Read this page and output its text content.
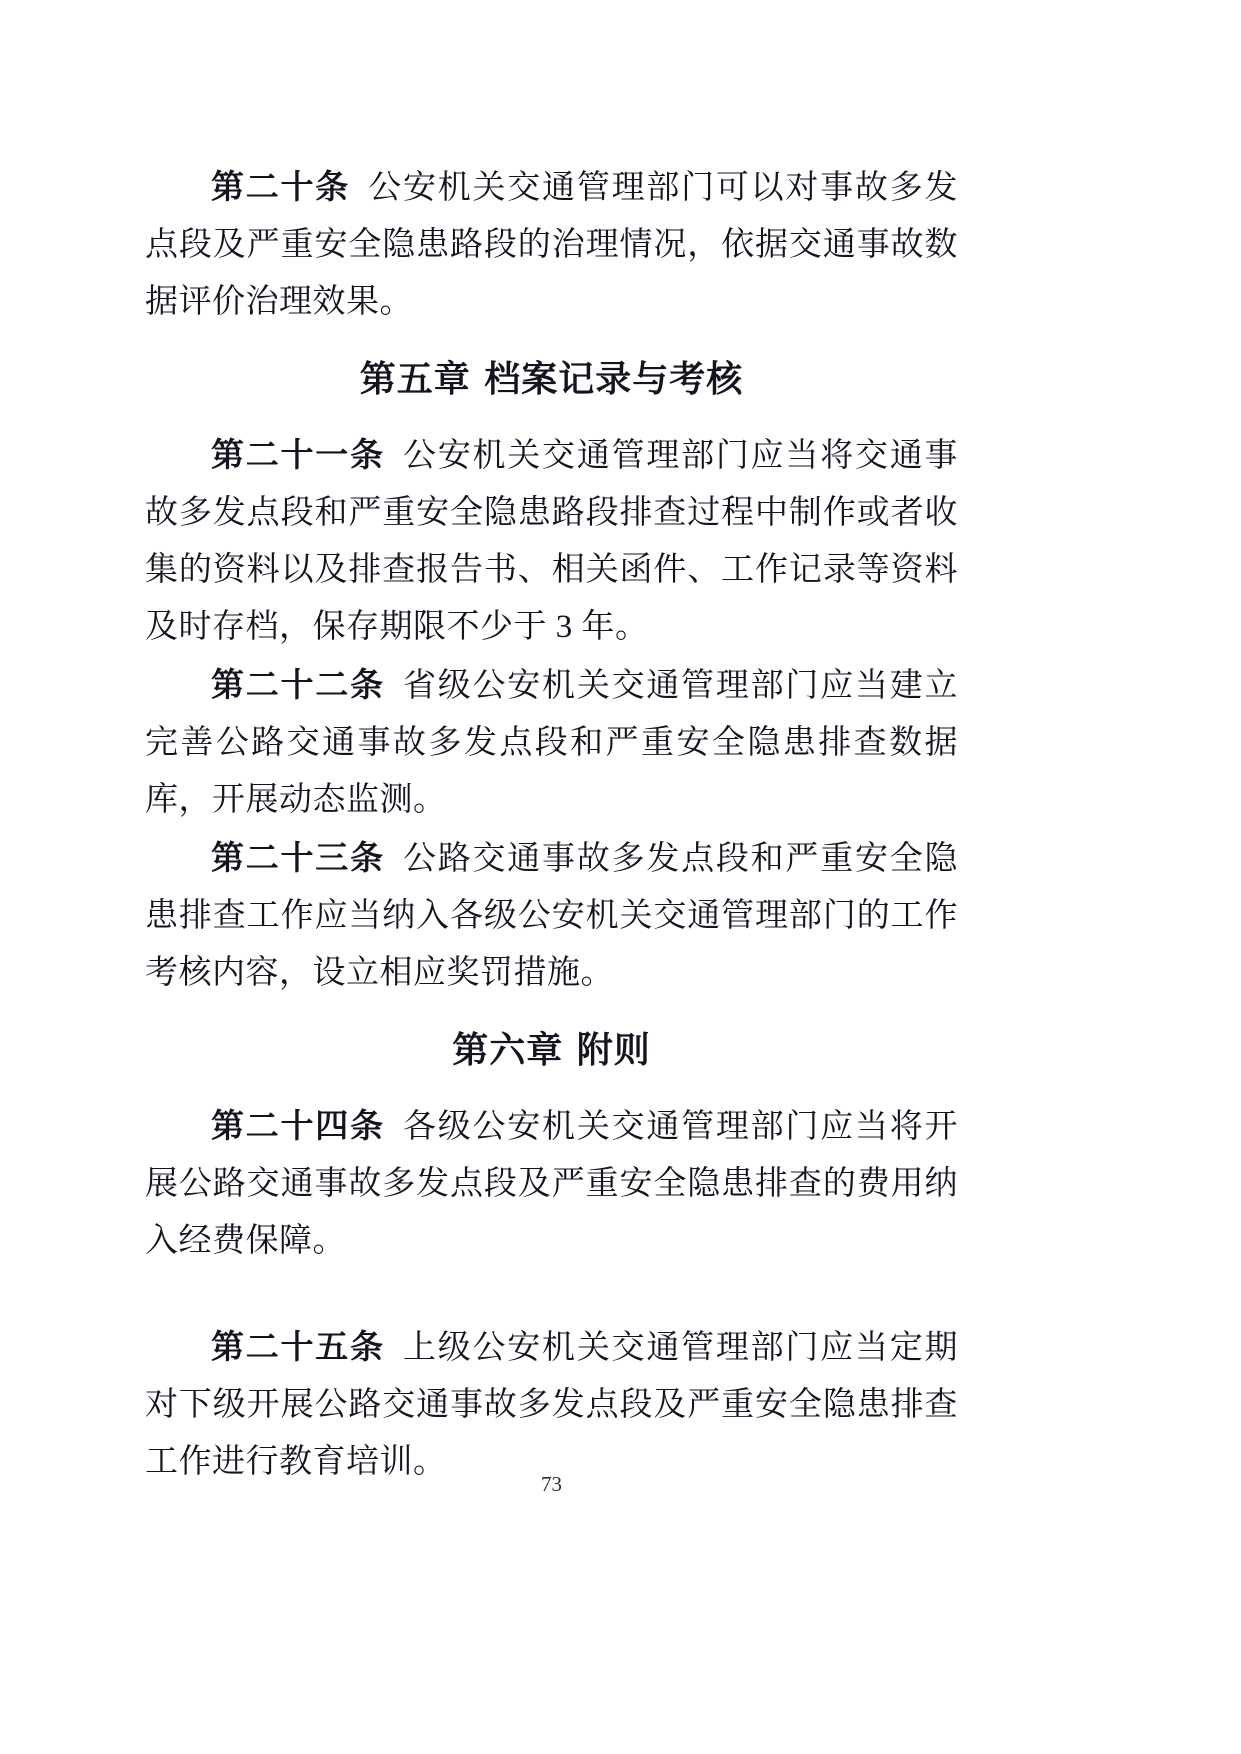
第二十条 公安机关交通管理部门可以对事故多发点段及严重安全隐患路段的治理情况，依据交通事故数据评价治理效果。

第五章 档案记录与考核

第二十一条 公安机关交通管理部门应当将交通事故多发点段和严重安全隐患路段排查过程中制作或者收集的资料以及排查报告书、相关函件、工作记录等资料及时存档，保存期限不少于 3 年。

第二十二条 省级公安机关交通管理部门应当建立完善公路交通事故多发点段和严重安全隐患排查数据库，开展动态监测。

第二十三条 公路交通事故多发点段和严重安全隐患排查工作应当纳入各级公安机关交通管理部门的工作考核内容，设立相应奖罚措施。

第六章 附则

第二十四条 各级公安机关交通管理部门应当将开展公路交通事故多发点段及严重安全隐患排查的费用纳入经费保障。

第二十五条 上级公安机关交通管理部门应当定期对下级开展公路交通事故多发点段及严重安全隐患排查工作进行教育培训。

73
